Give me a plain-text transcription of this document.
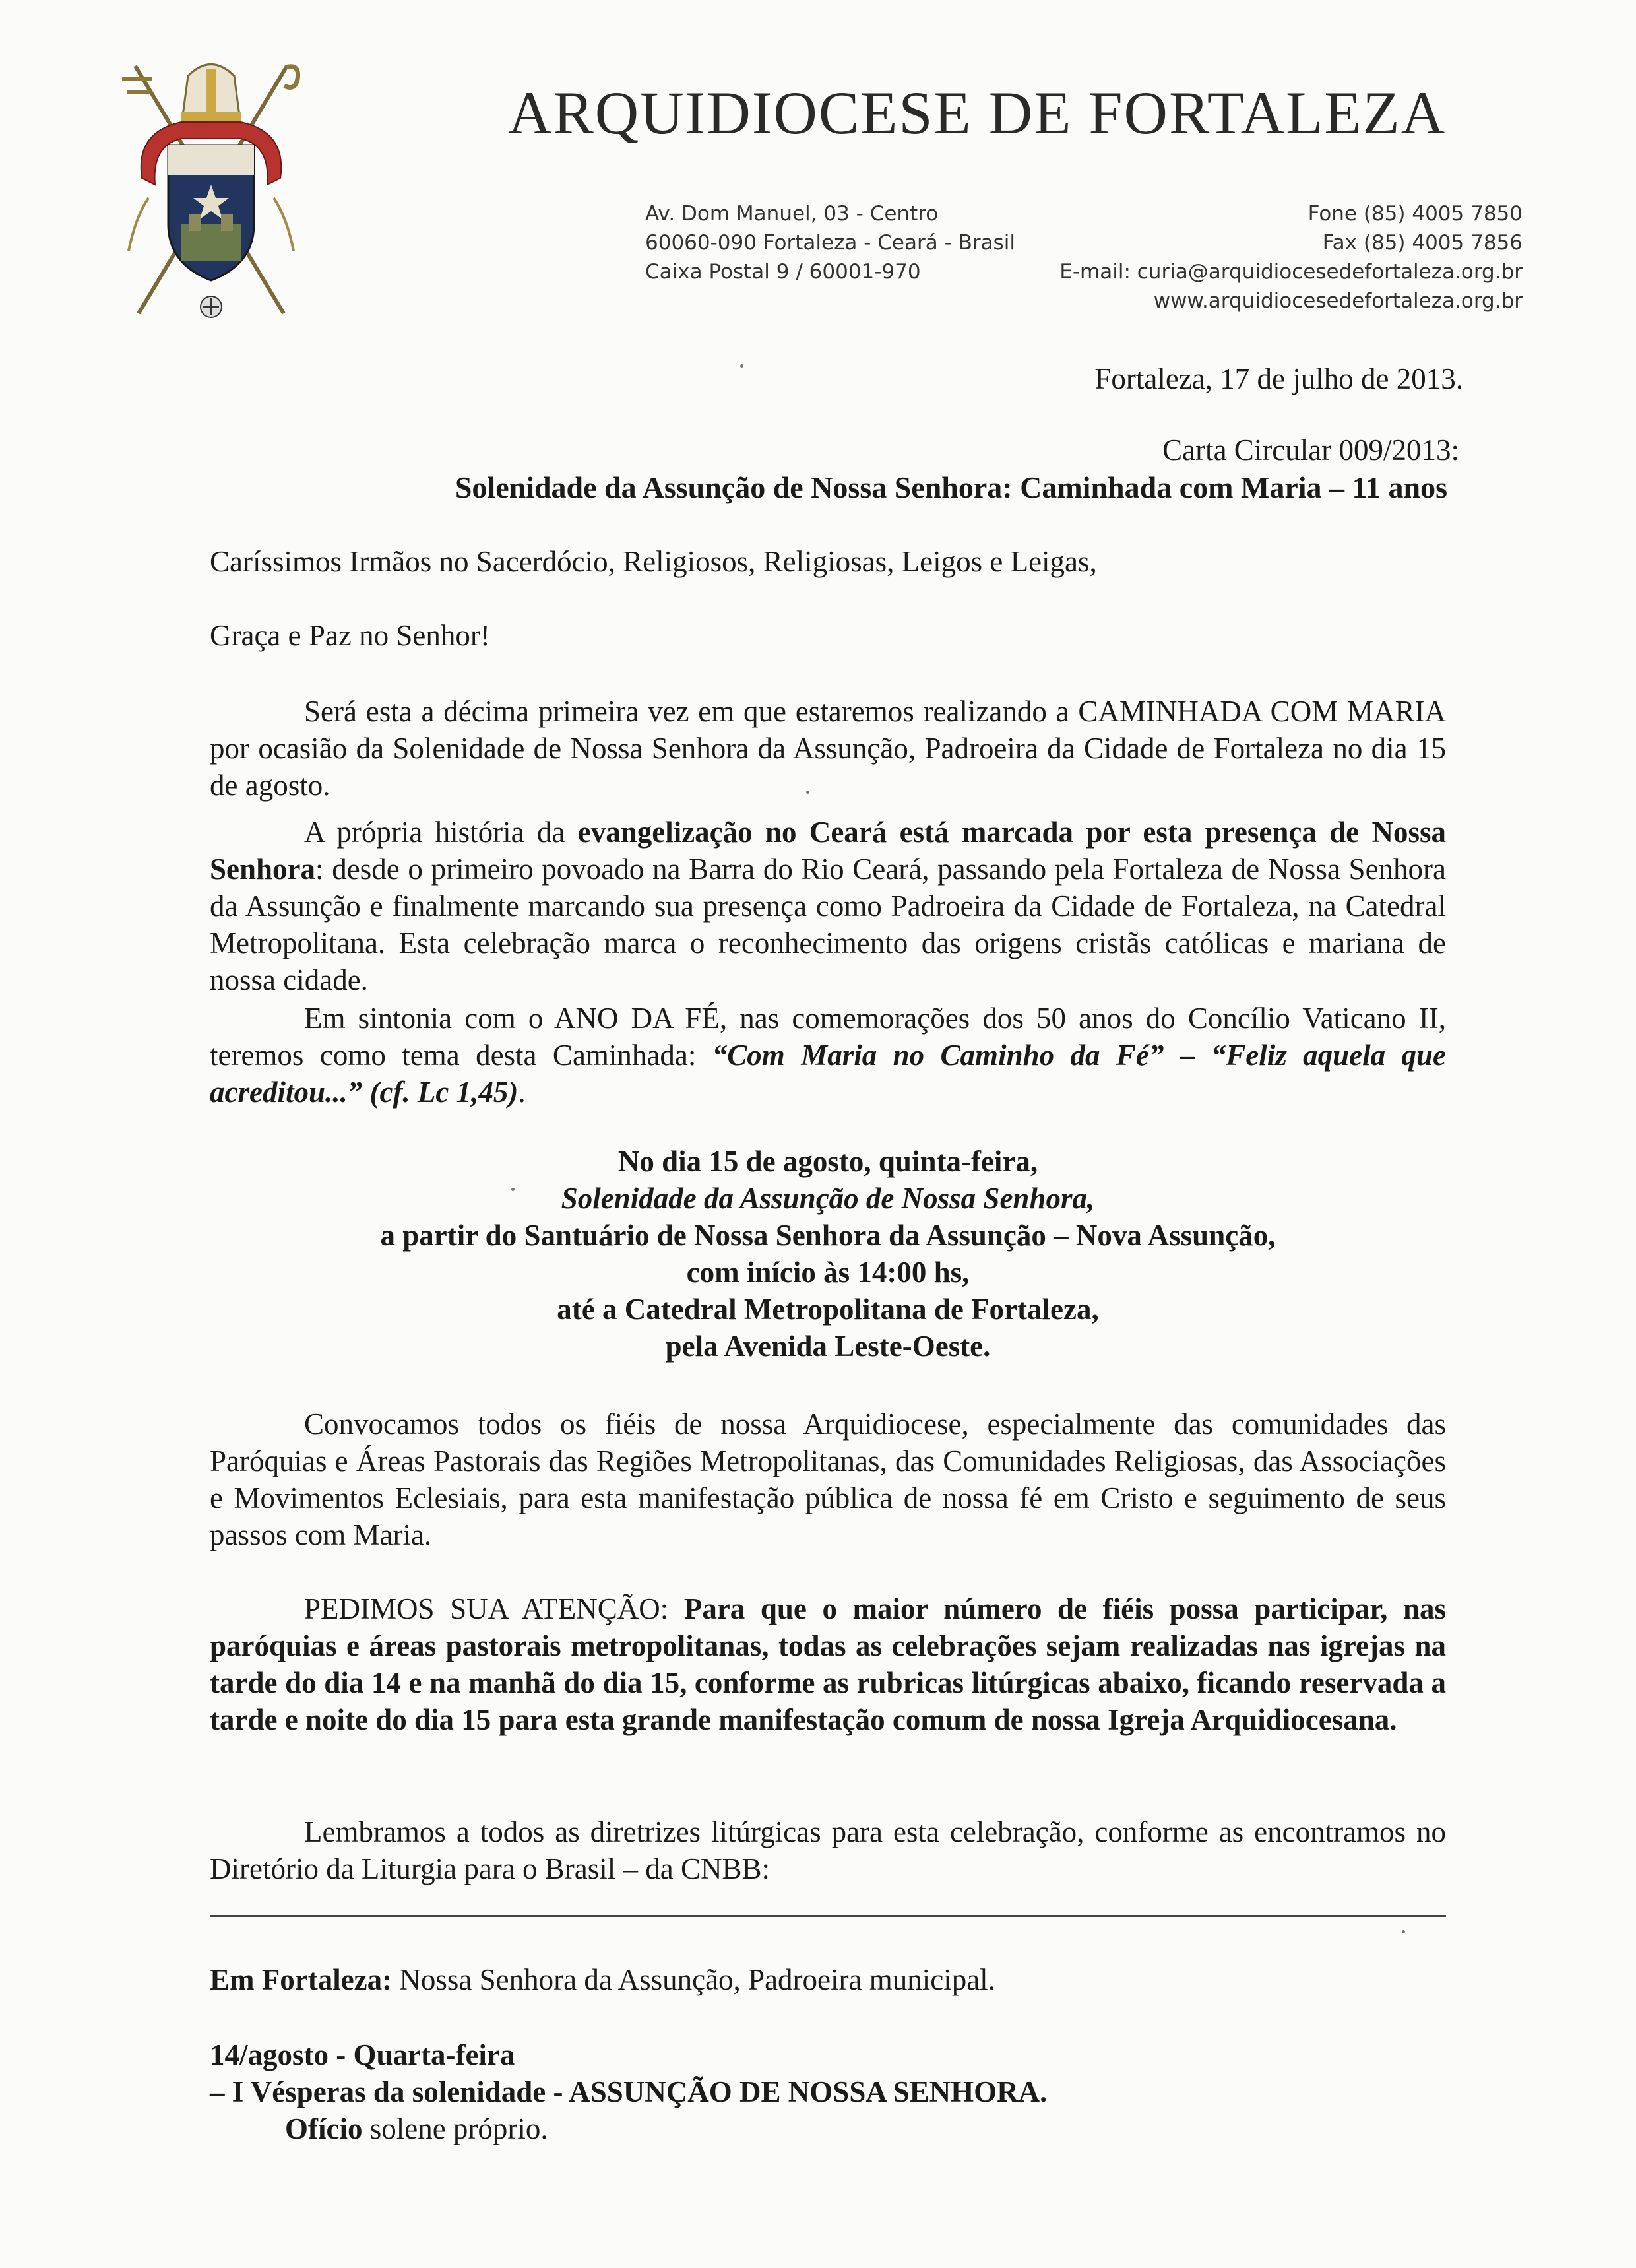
ARQUIDIOCESE DE FORTALEZA
Av. Dom Manuel, 03 - Centro
60060-090 Fortaleza - Ceará - Brasil
Caixa Postal 9 / 60001-970
Fone (85) 4005 7850
Fax (85) 4005 7856
E-mail: curia@arquidiocesedefortaleza.org.br
www.arquidiocesedefortaleza.org.br
Fortaleza, 17 de julho de 2013.
Carta Circular 009/2013:
Solenidade da Assunção de Nossa Senhora: Caminhada com Maria – 11 anos
Caríssimos Irmãos no Sacerdócio, Religiosos, Religiosas, Leigos e Leigas,
Graça e Paz no Senhor!
Será esta a décima primeira vez em que estaremos realizando a CAMINHADA COM MARIA por ocasião da Solenidade de Nossa Senhora da Assunção, Padroeira da Cidade de Fortaleza no dia 15 de agosto.
A própria história da evangelização no Ceará está marcada por esta presença de Nossa Senhora: desde o primeiro povoado na Barra do Rio Ceará, passando pela Fortaleza de Nossa Senhora da Assunção e finalmente marcando sua presença como Padroeira da Cidade de Fortaleza, na Catedral Metropolitana. Esta celebração marca o reconhecimento das origens cristãs católicas e mariana de nossa cidade.
Em sintonia com o ANO DA FÉ, nas comemorações dos 50 anos do Concílio Vaticano II, teremos como tema desta Caminhada: “Com Maria no Caminho da Fé” – “Feliz aquela que acreditou...” (cf. Lc 1,45).
No dia 15 de agosto, quinta-feira,
Solenidade da Assunção de Nossa Senhora,
a partir do Santuário de Nossa Senhora da Assunção – Nova Assunção,
com início às 14:00 hs,
até a Catedral Metropolitana de Fortaleza,
pela Avenida Leste-Oeste.
Convocamos todos os fiéis de nossa Arquidiocese, especialmente das comunidades das Paróquias e Áreas Pastorais das Regiões Metropolitanas, das Comunidades Religiosas, das Associações e Movimentos Eclesiais, para esta manifestação pública de nossa fé em Cristo e seguimento de seus passos com Maria.
PEDIMOS SUA ATENÇÃO: Para que o maior número de fiéis possa participar, nas paróquias e áreas pastorais metropolitanas, todas as celebrações sejam realizadas nas igrejas na tarde do dia 14 e na manhã do dia 15, conforme as rubricas litúrgicas abaixo, ficando reservada a tarde e noite do dia 15 para esta grande manifestação comum de nossa Igreja Arquidiocesana.
Lembramos a todos as diretrizes litúrgicas para esta celebração, conforme as encontramos no Diretório da Liturgia para o Brasil – da CNBB:
Em Fortaleza: Nossa Senhora da Assunção, Padroeira municipal.
14/agosto - Quarta-feira
– I Vésperas da solenidade - ASSUNÇÃO DE NOSSA SENHORA.
Ofício solene próprio.
